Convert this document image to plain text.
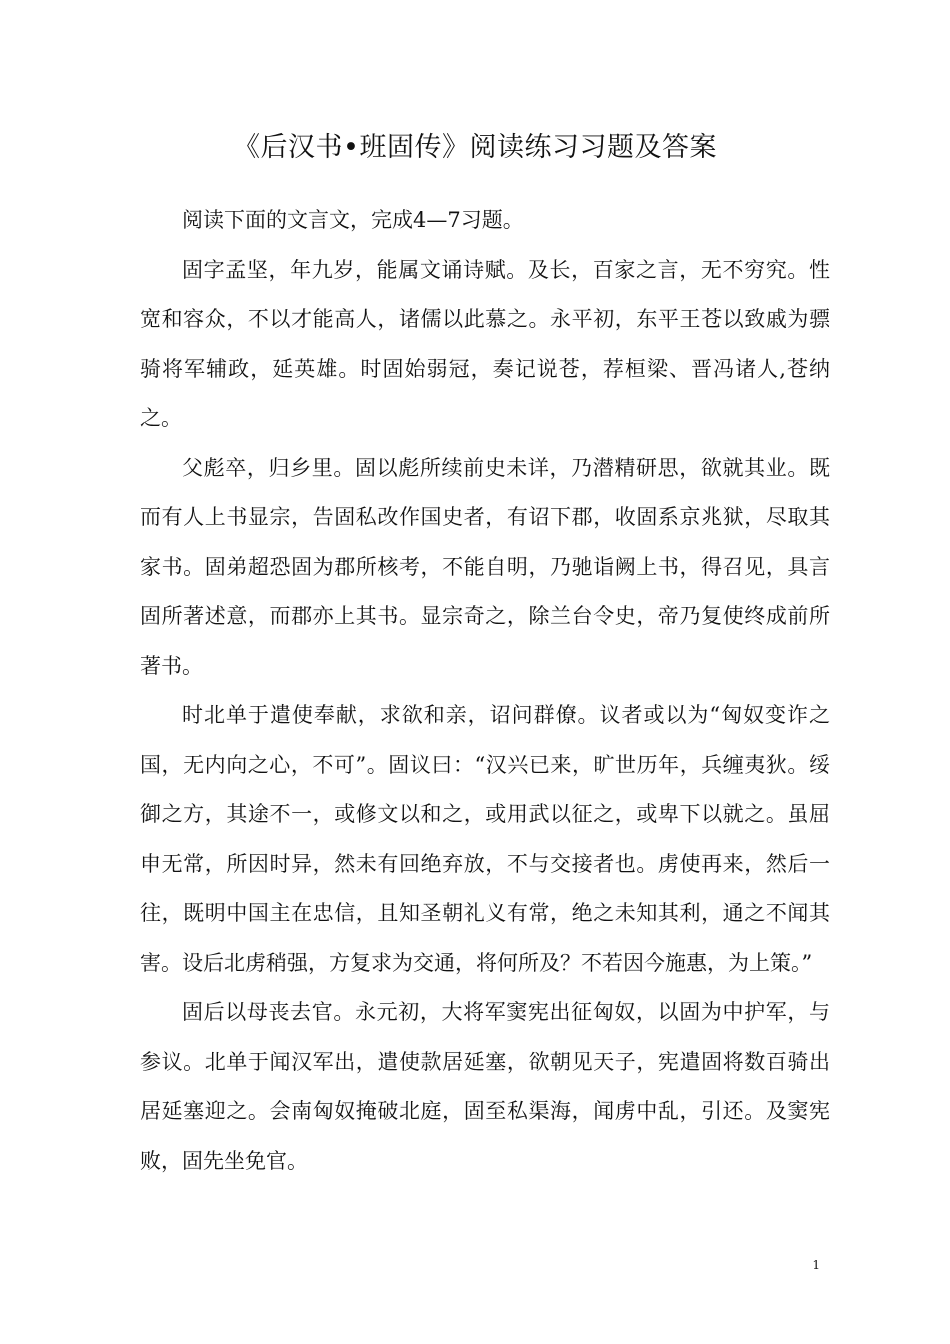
《后汉书•班固传》阅读练习习题及答案

阅读下面的文言文，完成4—7习题。

固字孟坚，年九岁，能属文诵诗赋。及长，百家之言，无不穷究。性宽和容众，不以才能高人，诸儒以此慕之。永平初，东平王苍以致戚为骠骑将军辅政，延英雄。时固始弱冠，奏记说苍，荐桓梁、晋冯诸人,苍纳之。

父彪卒，归乡里。固以彪所续前史未详，乃潜精研思，欲就其业。既而有人上书显宗，告固私改作国史者，有诏下郡，收固系京兆狱，尽取其家书。固弟超恐固为郡所核考，不能自明，乃驰诣阙上书，得召见，具言固所著述意，而郡亦上其书。显宗奇之，除兰台令史，帝乃复使终成前所著书。

时北单于遣使奉献，求欲和亲，诏问群僚。议者或以为“匈奴变诈之国，无内向之心，不可”。固议曰：“汉兴已来，旷世历年，兵缠夷狄。绥御之方，其途不一，或修文以和之，或用武以征之，或卑下以就之。虽屈申无常，所因时异，然未有回绝弃放，不与交接者也。虏使再来，然后一往，既明中国主在忠信，且知圣朝礼义有常，绝之未知其利，通之不闻其害。设后北虏稍强，方复求为交通，将何所及？不若因今施惠，为上策。”

固后以母丧去官。永元初，大将军窦宪出征匈奴，以固为中护军，与参议。北单于闻汉军出，遣使款居延塞，欲朝见天子，宪遣固将数百骑出居延塞迎之。会南匈奴掩破北庭，固至私渠海，闻虏中乱，引还。及窦宪败，固先坐免官。

1
